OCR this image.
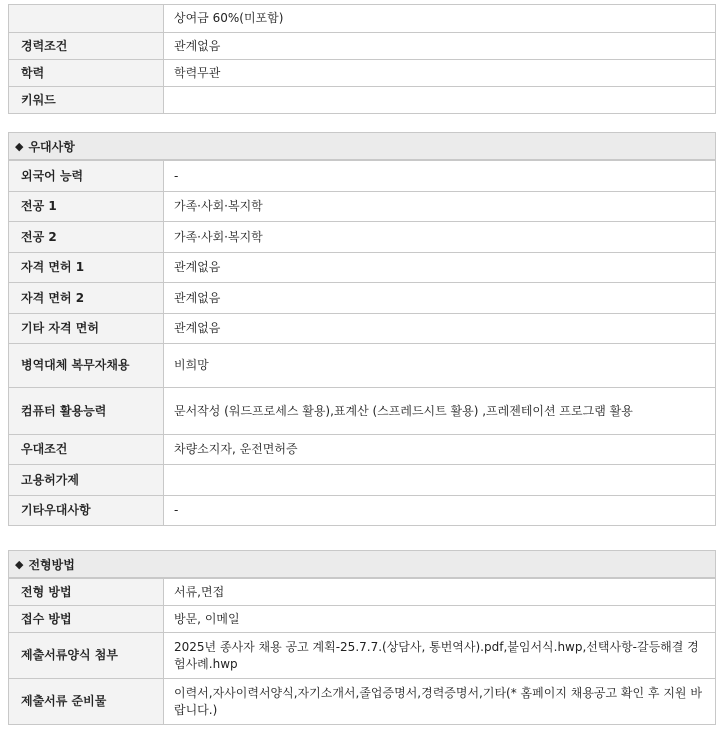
	상여금 60%(미포함)
경력조건	관계없음
학력	학력무관
키워드	
◆ 우대사항
외국어 능력	-
전공 1	가족·사회·복지학
전공 2	가족·사회·복지학
자격 면허 1	관계없음
자격 면허 2	관계없음
기타 자격 면허	관계없음
병역대체 복무자채용	비희망
컴퓨터 활용능력	문서작성 (워드프로세스 활용),표계산 (스프레드시트 활용) ,프레젠테이션 프로그램 활용
우대조건	차량소지자, 운전면허증
고용허가제	
기타우대사항	-
◆ 전형방법
전형 방법	서류,면접
접수 방법	방문, 이메일
제출서류양식 첨부	2025년 종사자 채용 공고 계획-25.7.7.(상담사, 통번역사).pdf,붙임서식.hwp,선택사항-갈등해결 경험사례.hwp
제출서류 준비물	이력서,자사이력서양식,자기소개서,졸업증명서,경력증명서,기타(* 홈페이지 채용공고 확인 후 지원 바랍니다.)
